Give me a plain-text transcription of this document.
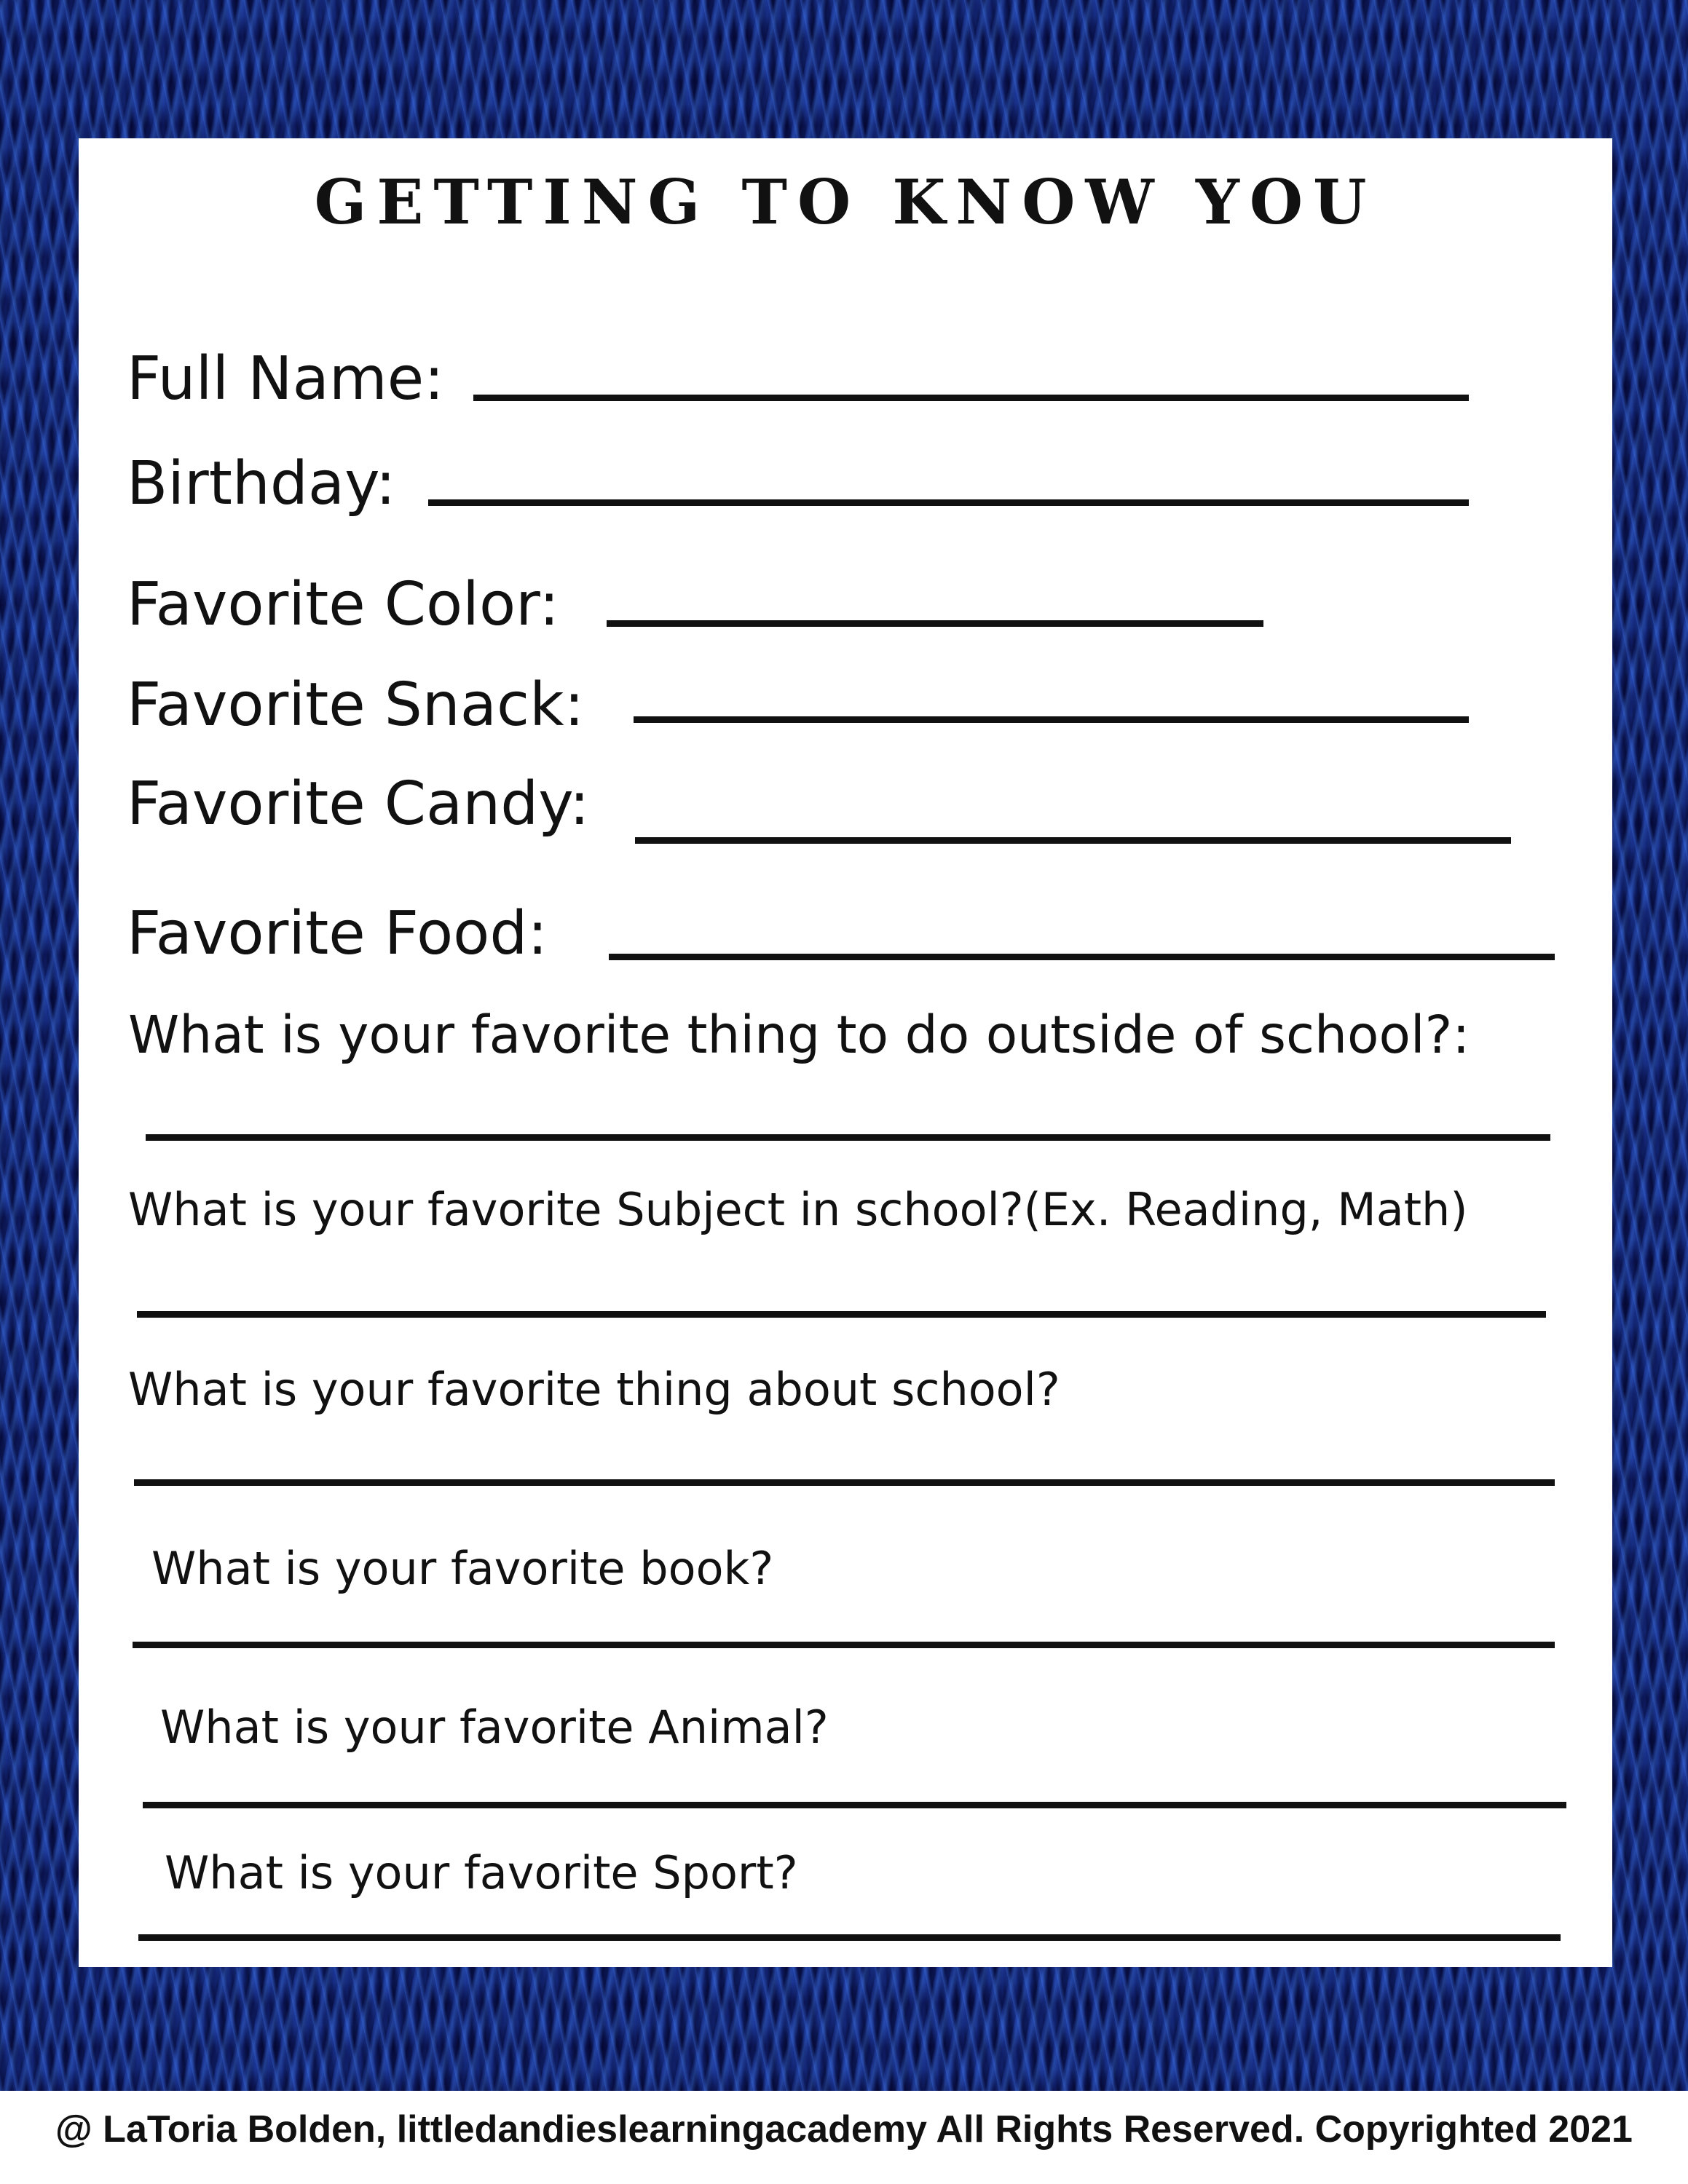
GETTING TO KNOW YOU
Full Name:
Birthday:
Favorite Color:
Favorite Snack:
Favorite Candy:
Favorite Food:
What is your favorite thing to do outside of school?:
What is your favorite Subject in school?(Ex. Reading, Math)
What is your favorite thing about school?
What is your favorite book?
What is your favorite Animal?
What is your favorite Sport?
@ LaToria Bolden, littledandieslearningacademy All Rights Reserved. Copyrighted 2021
